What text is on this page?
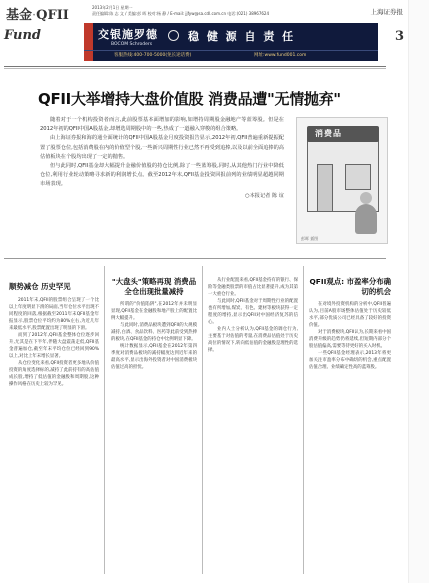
基金·QFII
2013年2月1日 星期一
责任编辑:陈 志 文 / 美编:彭 晖 校对:杨 静 / E-mail: jjfyw@sa.cdl.com.cn 电话:(021) 38967624	上海证券报
Fund	3
交银施罗德
BOCOM Schroders
稳 健 源 自 责 任
客服热线:400-700-5000(免长途话费)	网址:www.fund001.com
QFII大举增持大盘价值股 消费品遭"无情抛弃"

随着对于一个机构投资者而言,此前股票基本面增加的影响,如增持周期股金融地产等蓝筹股。但是在2012年初的QFII中国A股基金,却增选周期股中的一些,热成了一道融入穿梭的组合策略。

由上海证券报和海的通全面统计的QFII中国A股基金月度投资报告显示,2012年初,QFII普遍重新提振配置了股票仓位,包括消费股在内的价值型个股,一些新兴周期性行业已然不再受到追捧,以及以前全面追捧的高估值板块在个股均出现了一定的抛售。

但与此同时,QFII基金却大幅提升金融价值股的持仓比例,除了一些蓝筹股,同时,从其他热门行业中降低仓位,利用行业轮动策略寻求新的利润增长点。截至2012年末,QFII基金投资回报前列的业绩明显超越同期市场表现。

○本报记者 陈 谊
消费品
彭晖 插图
顺势减仓 历史罕见

2011年末,QFII的股票组合呈现了一个比以上年度明显下滑的局面,当年仓位水平出现不同程度的回落,根据截至2011年末QFII基金年报显示,股票仓位平均约为80%左右,为近几年来最低水平,股票配置出现了明显的下滑。

而到了2012年,QFII基金整体仓位逐步回升,尤其是在下半年,伴随大盘震荡走低,QFII基金普遍加仓,截至年末平均仓位已经回到90%以上,对比上年末增长显著。

从仓位变化来看,QFII投资者更多地从价值投资的角度选择标的,减持了此前持有的高估值成长股,增持了低估值的金融股和周期股,这种操作风格在历史上较为罕见。

"大盘头"策略再现 消费品全仓出现批量减持

所谓的"价值陷阱",在2012年并未明显显现,QFII基金在金融股和地产股上的配置比例大幅提升。

与此同时,消费品板块遭到QFII的大规模减持,白酒、食品饮料、医药等此前受到热捧的板块,在QFII基金的持仓中比例明显下降。

统计数据显示,QFII基金在2012年第四季度对消费品板块的减持幅度达到近年来的最高水平,显示出海外投资者对中国消费板块估值过高的担忧。

从行业配置来看,QFII基金持有的银行、保险等金融类股票的市值占比显著提升,成为其第一大重仓行业。

与此同时,QFII基金对于周期性行业的配置也有所增加,煤炭、有色、建材等板块获得一定程度的增持,显示出QFII对中国经济复苏的信心。

业内人士分析认为,QFII基金的调仓行为,主要基于对估值的考量,在消费品估值处于历史高位的情况下,转向低估值的金融股是理性的选择。

QFII观点: 市盈率分布确切的机会

在对境外投资机构的分析中,QFII普遍认为,目前A股市场整体估值处于历史较低水平,部分优质公司已经具备了较好的投资价值。

对于消费板块,QFII认为,长期来看中国消费升级的趋势仍将延续,但短期内部分个股估值偏高,需要等待更好的买入时机。

一些QFII基金经理表示,2013年将更加关注市盈率分布中确切的机会,重点配置估值合理、业绩确定性高的蓝筹股。
